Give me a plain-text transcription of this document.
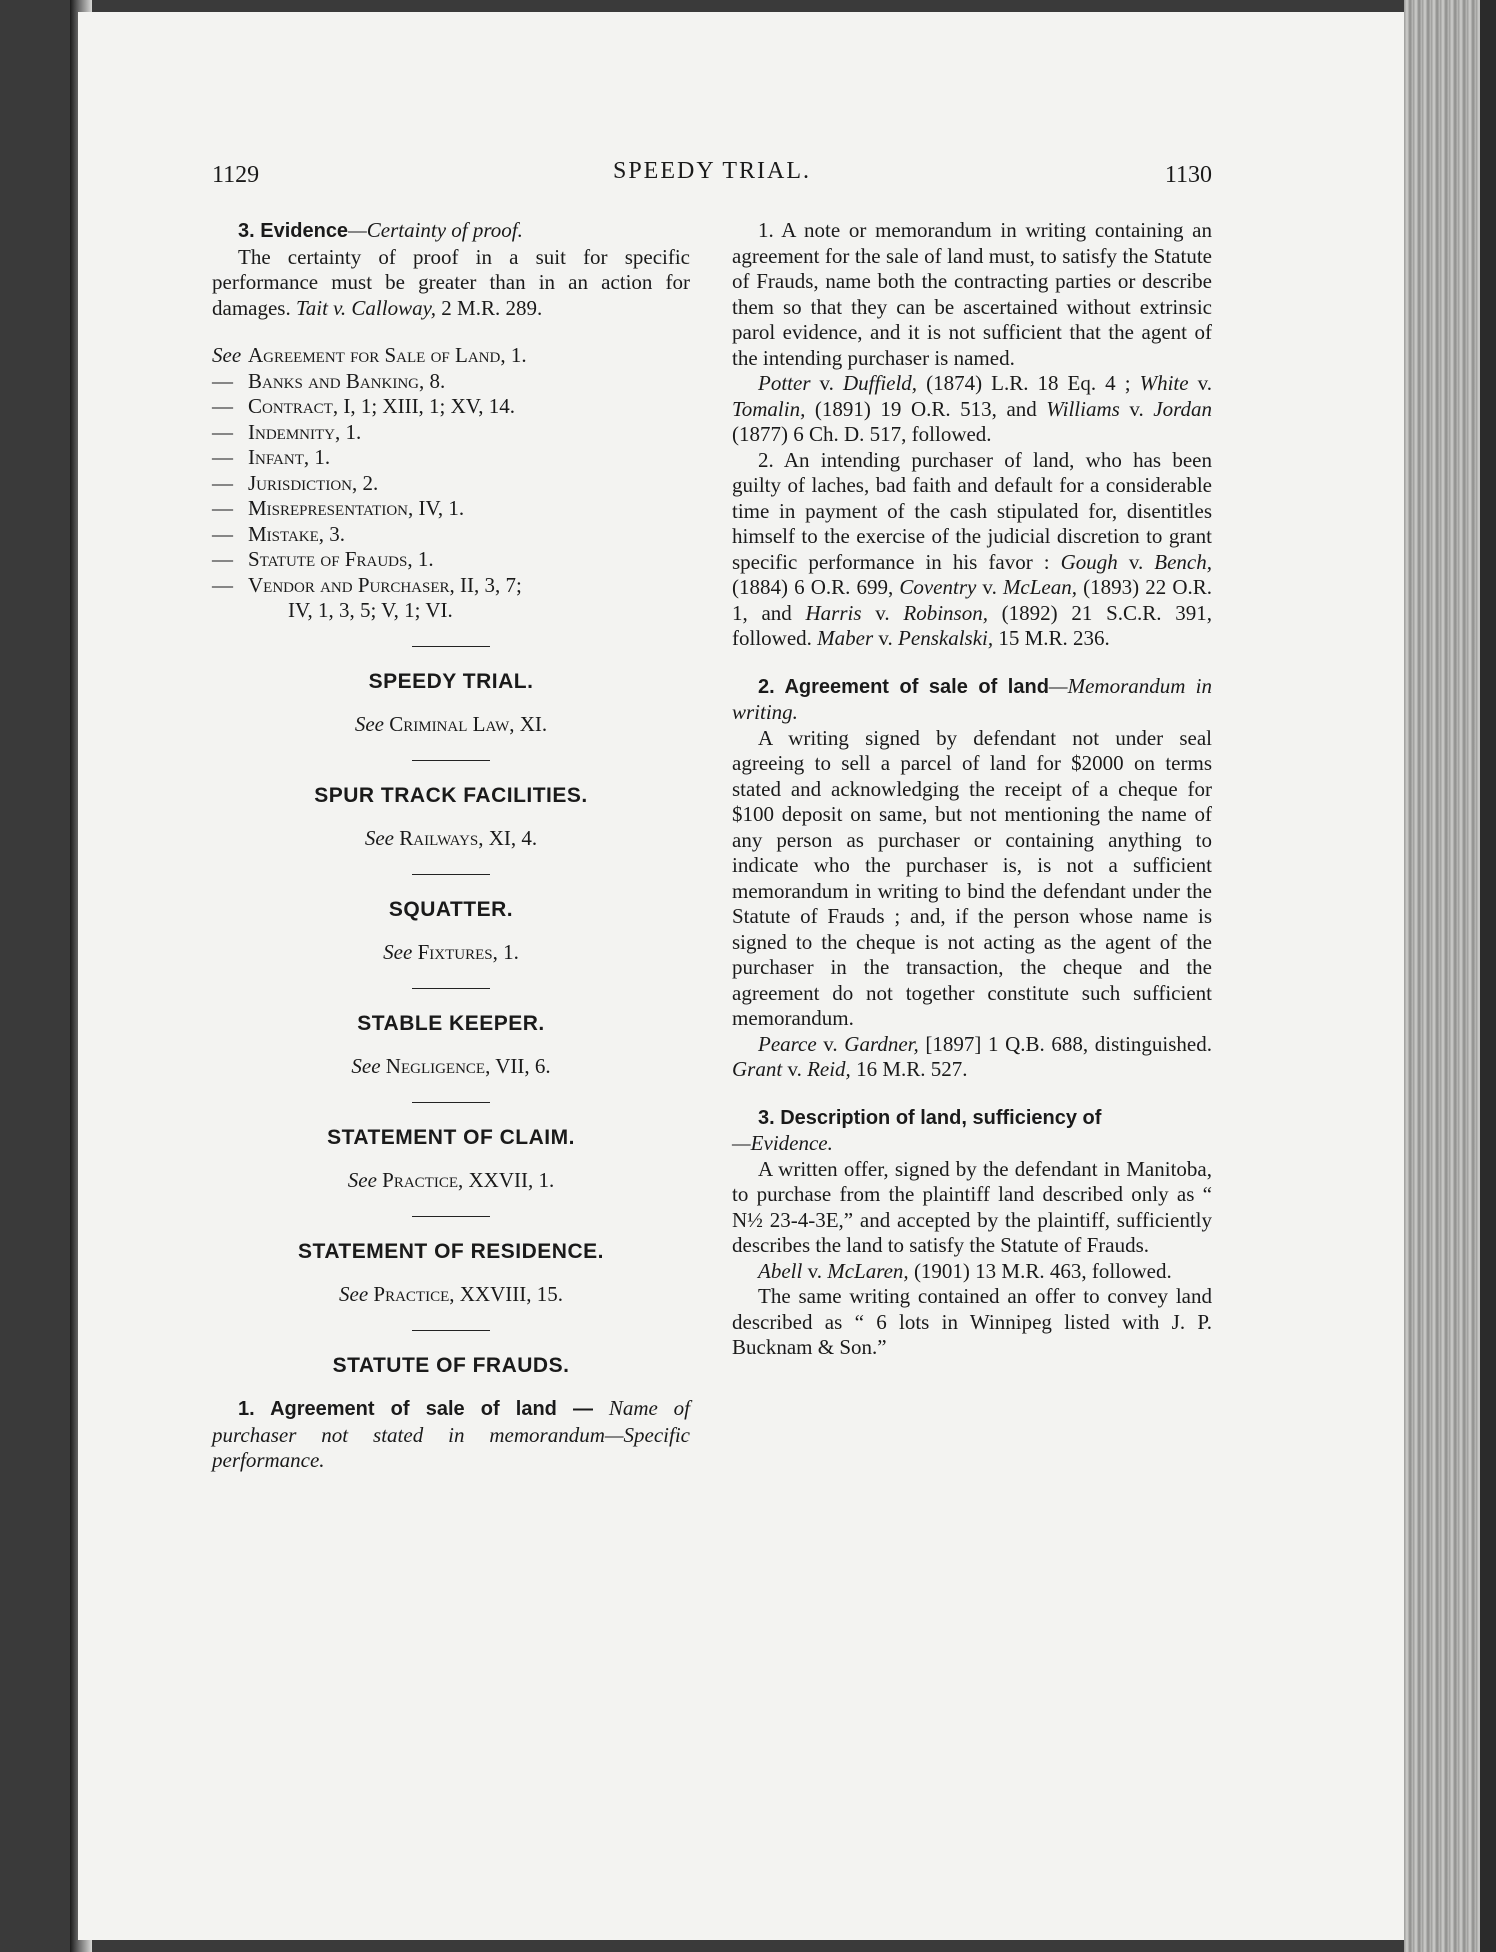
1129	SPEEDY TRIAL.	1130

3. Evidence—Certainty of proof.

The certainty of proof in a suit for specific performance must be greater than in an action for damages. Tait v. Calloway, 2 M.R. 289.

See Agreement for Sale of Land, 1.

— Banks and Banking, 8.

— Contract, I, 1; XIII, 1; XV, 14.

— Indemnity, 1.

— Infant, 1.

— Jurisdiction, 2.

— Misrepresentation, IV, 1.

— Mistake, 3.

— Statute of Frauds, 1.

— Vendor and Purchaser, II, 3, 7;

IV, 1, 3, 5; V, 1; VI.

SPEEDY TRIAL.

See Criminal Law, XI.

SPUR TRACK FACILITIES.

See Railways, XI, 4.

SQUATTER.

See Fixtures, 1.

STABLE KEEPER.

See Negligence, VII, 6.

STATEMENT OF CLAIM.

See Practice, XXVII, 1.

STATEMENT OF RESIDENCE.

See Practice, XXVIII, 15.

STATUTE OF FRAUDS.

1. Agreement of sale of land — Name of purchaser not stated in memorandum—Specific performance.

1. A note or memorandum in writing containing an agreement for the sale of land must, to satisfy the Statute of Frauds, name both the contracting parties or describe them so that they can be ascertained without extrinsic parol evidence, and it is not sufficient that the agent of the intending purchaser is named.

Potter v. Duffield, (1874) L.R. 18 Eq. 4 ; White v. Tomalin, (1891) 19 O.R. 513, and Williams v. Jordan (1877) 6 Ch. D. 517, followed.

2. An intending purchaser of land, who has been guilty of laches, bad faith and default for a considerable time in payment of the cash stipulated for, disentitles himself to the exercise of the judicial discretion to grant specific performance in his favor : Gough v. Bench, (1884) 6 O.R. 699, Coventry v. McLean, (1893) 22 O.R. 1, and Harris v. Robinson, (1892) 21 S.C.R. 391, followed. Maber v. Penskalski, 15 M.R. 236.

2. Agreement of sale of land—Memorandum in writing.

A writing signed by defendant not under seal agreeing to sell a parcel of land for $2000 on terms stated and acknowledging the receipt of a cheque for $100 deposit on same, but not mentioning the name of any person as purchaser or containing anything to indicate who the purchaser is, is not a sufficient memorandum in writing to bind the defendant under the Statute of Frauds ; and, if the person whose name is signed to the cheque is not acting as the agent of the purchaser in the transaction, the cheque and the agreement do not together constitute such sufficient memorandum.

Pearce v. Gardner, [1897] 1 Q.B. 688, distinguished. Grant v. Reid, 16 M.R. 527.

3. Description of land, sufficiency of
—Evidence.

A written offer, signed by the defendant in Manitoba, to purchase from the plaintiff land described only as “ N½ 23-4-3E,” and accepted by the plaintiff, sufficiently describes the land to satisfy the Statute of Frauds.

Abell v. McLaren, (1901) 13 M.R. 463, followed.

The same writing contained an offer to convey land described as “ 6 lots in Winnipeg listed with J. P. Bucknam & Son.”
